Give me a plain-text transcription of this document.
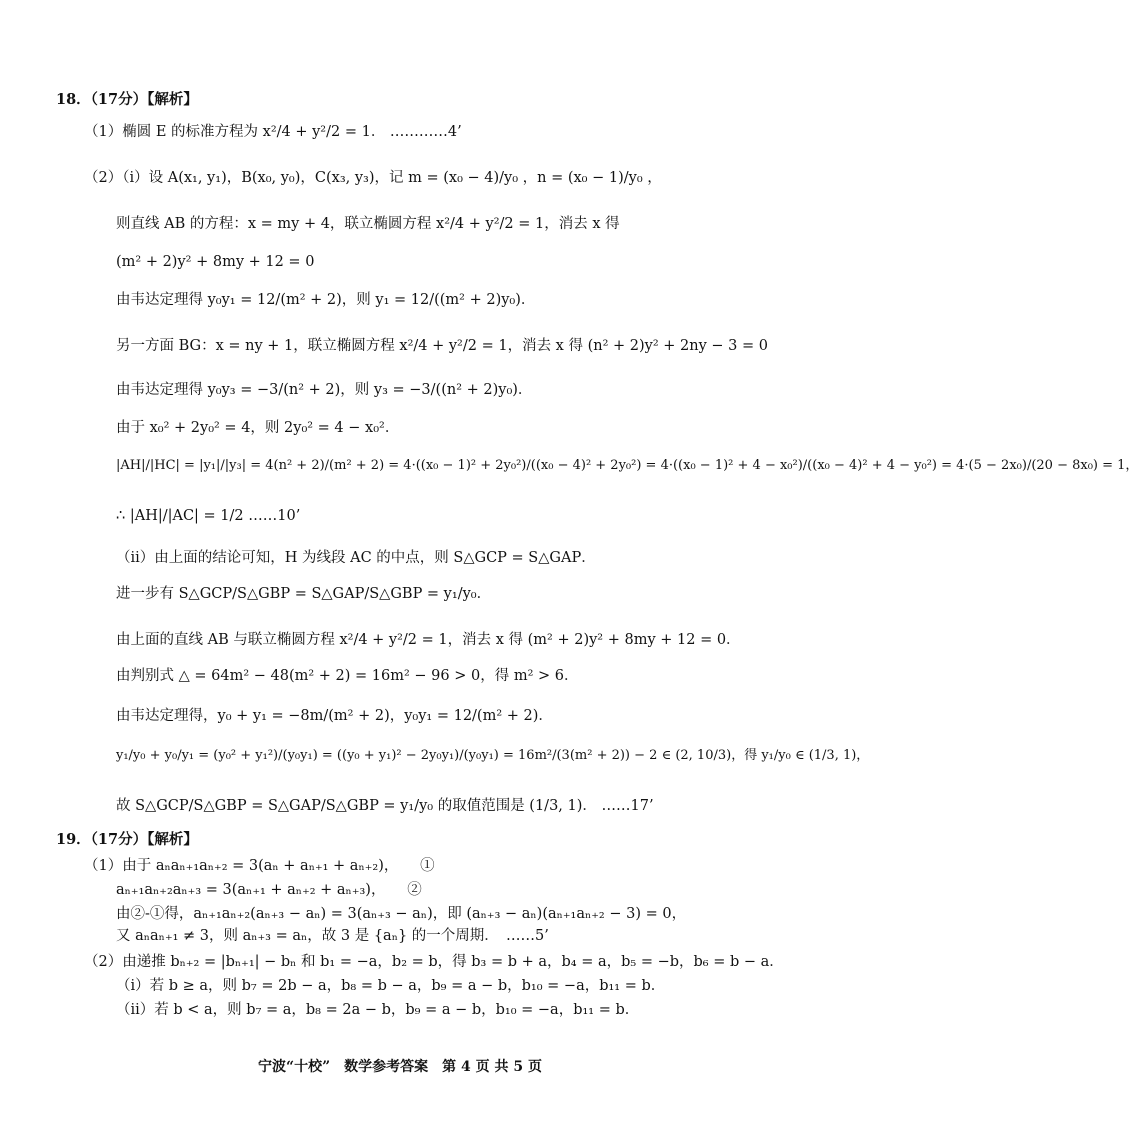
18．（17分）【解析】
（1）椭圆 E 的标准方程为 x²/4 + y²/2 = 1． …………4’
（2）（i）设 A(x₁, y₁)，B(x₀, y₀)，C(x₃, y₃)，记 m = (x₀ − 4)/y₀ ，n = (x₀ − 1)/y₀ ，
则直线 AB 的方程：x = my + 4，联立椭圆方程 x²/4 + y²/2 = 1，消去 x 得
(m² + 2)y² + 8my + 12 = 0
由韦达定理得 y₀y₁ = 12/(m² + 2)，则 y₁ = 12/((m² + 2)y₀)．
另一方面 BG：x = ny + 1，联立椭圆方程 x²/4 + y²/2 = 1，消去 x 得 (n² + 2)y² + 2ny − 3 = 0
由韦达定理得 y₀y₃ = −3/(n² + 2)，则 y₃ = −3/((n² + 2)y₀)．
由于 x₀² + 2y₀² = 4，则 2y₀² = 4 − x₀²．
|AH|/|HC| = |y₁|/|y₃| = 4(n² + 2)/(m² + 2) = 4·((x₀ − 1)² + 2y₀²)/((x₀ − 4)² + 2y₀²) = 4·((x₀ − 1)² + 4 − x₀²)/((x₀ − 4)² + 4 − y₀²) = 4·(5 − 2x₀)/(20 − 8x₀) = 1，
∴ |AH|/|AC| = 1/2 ……10’
（ii）由上面的结论可知，H 为线段 AC 的中点，则 S△GCP = S△GAP．
进一步有 S△GCP/S△GBP = S△GAP/S△GBP = y₁/y₀．
由上面的直线 AB 与联立椭圆方程 x²/4 + y²/2 = 1，消去 x 得 (m² + 2)y² + 8my + 12 = 0．
由判别式 △ = 64m² − 48(m² + 2) = 16m² − 96 > 0，得 m² > 6．
由韦达定理得，y₀ + y₁ = −8m/(m² + 2)，y₀y₁ = 12/(m² + 2)．
y₁/y₀ + y₀/y₁ = (y₀² + y₁²)/(y₀y₁) = ((y₀ + y₁)² − 2y₀y₁)/(y₀y₁) = 16m²/(3(m² + 2)) − 2 ∈ (2, 10/3)，得 y₁/y₀ ∈ (1/3, 1)，
故 S△GCP/S△GBP = S△GAP/S△GBP = y₁/y₀ 的取值范围是 (1/3, 1)． ……17’
19．（17分）【解析】
（1）由于 aₙaₙ₊₁aₙ₊₂ = 3(aₙ + aₙ₊₁ + aₙ₊₂)，　　①
aₙ₊₁aₙ₊₂aₙ₊₃ = 3(aₙ₊₁ + aₙ₊₂ + aₙ₊₃)，　　②
由②-①得，aₙ₊₁aₙ₊₂(aₙ₊₃ − aₙ) = 3(aₙ₊₃ − aₙ)，即 (aₙ₊₃ − aₙ)(aₙ₊₁aₙ₊₂ − 3) = 0，
又 aₙaₙ₊₁ ≠ 3，则 aₙ₊₃ = aₙ，故 3 是 {aₙ} 的一个周期．　……5’
（2）由递推 bₙ₊₂ = |bₙ₊₁| − bₙ 和 b₁ = −a，b₂ = b，得 b₃ = b + a，b₄ = a，b₅ = −b，b₆ = b − a．
（i）若 b ≥ a，则 b₇ = 2b − a，b₈ = b − a，b₉ = a − b，b₁₀ = −a，b₁₁ = b．
（ii）若 b < a，则 b₇ = a，b₈ = 2a − b，b₉ = a − b，b₁₀ = −a，b₁₁ = b．
宁波“十校”　数学参考答案　第 4 页 共 5 页
